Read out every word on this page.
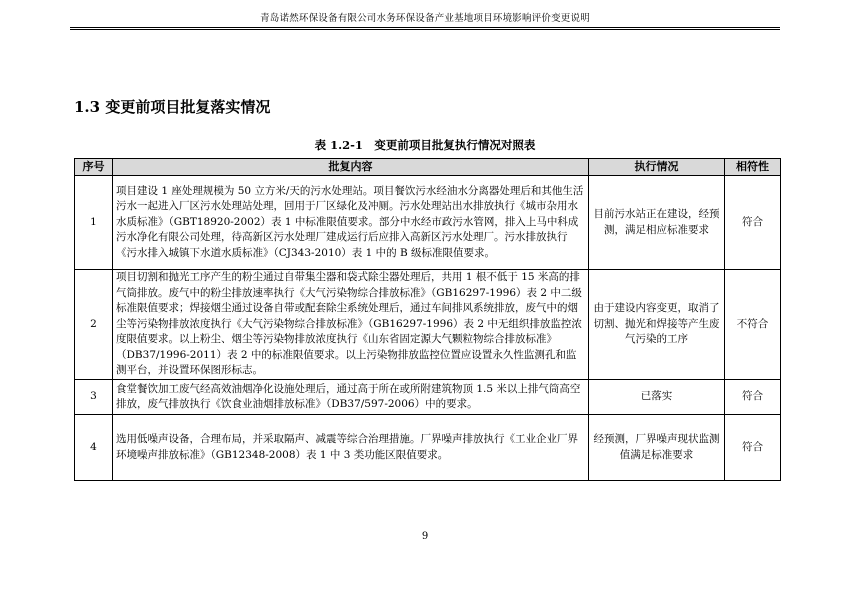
青岛诺然环保设备有限公司水务环保设备产业基地项目环境影响评价变更说明
1.3 变更前项目批复落实情况
表 1.2-1　变更前项目批复执行情况对照表
序号	批复内容	执行情况	相符性
1	项目建设 1 座处理规模为 50 立方米/天的污水处理站。项目餐饮污水经油水分离器处理后和其他生活污水一起进入厂区污水处理站处理，回用于厂区绿化及冲厕。污水处理站出水排放执行《城市杂用水水质标准》（GBT18920-2002）表 1 中标准限值要求。部分中水经市政污水管网，排入上马中科成污水净化有限公司处理，待高新区污水处理厂建成运行后应排入高新区污水处理厂。污水排放执行《污水排入城镇下水道水质标准》（CJ343-2010）表 1 中的 B 级标准限值要求。	目前污水站正在建设，经预测，满足相应标准要求	符合
2	项目切割和抛光工序产生的粉尘通过自带集尘器和袋式除尘器处理后，共用 1 根不低于 15 米高的排气筒排放。废气中的粉尘排放速率执行《大气污染物综合排放标准》（GB16297-1996）表 2 中二级标准限值要求；焊接烟尘通过设备自带或配套除尘系统处理后，通过车间排风系统排放，废气中的烟尘等污染物排放浓度执行《大气污染物综合排放标准》（GB16297-1996）表 2 中无组织排放监控浓度限值要求。以上粉尘、烟尘等污染物排放浓度执行《山东省固定源大气颗粒物综合排放标准》（DB37/1996-2011）表 2 中的标准限值要求。以上污染物排放监控位置应设置永久性监测孔和监测平台，并设置环保图形标志。	由于建设内容变更，取消了切割、抛光和焊接等产生废气污染的工序	不符合
3	食堂餐饮加工废气经高效油烟净化设施处理后，通过高于所在或所附建筑物顶 1.5 米以上排气筒高空排放，废气排放执行《饮食业油烟排放标准》（DB37/597-2006）中的要求。	已落实	符合
4	选用低噪声设备，合理布局，并采取隔声、减震等综合治理措施。厂界噪声排放执行《工业企业厂界环境噪声排放标准》（GB12348-2008）表 1 中 3 类功能区限值要求。	经预测，厂界噪声现状监测值满足标准要求	符合
9
